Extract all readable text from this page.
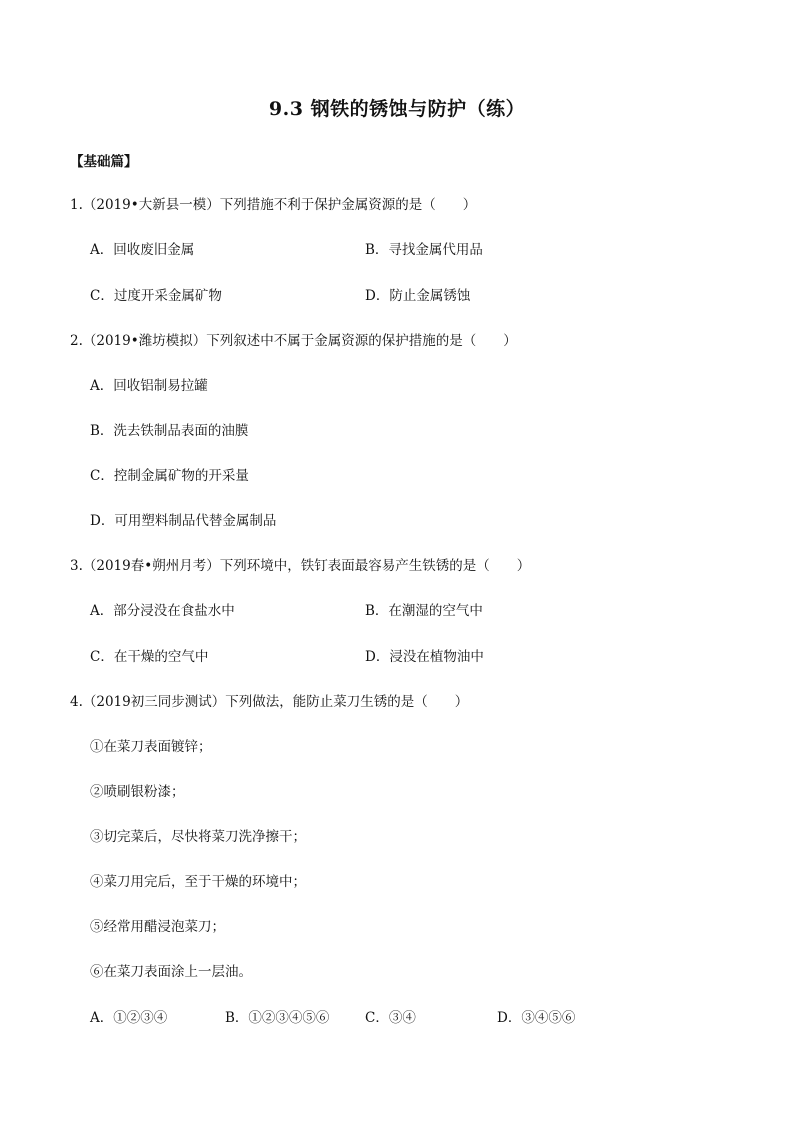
9.3 钢铁的锈蚀与防护（练）
【基础篇】
1.（2019•大新县一模）下列措施不利于保护金属资源的是（　　）
A．回收废旧金属	B．寻找金属代用品
C．过度开采金属矿物	D．防止金属锈蚀
2.（2019•潍坊模拟）下列叙述中不属于金属资源的保护措施的是（　　）
A．回收铝制易拉罐
B．洗去铁制品表面的油膜
C．控制金属矿物的开采量
D．可用塑料制品代替金属制品
3.（2019春•朔州月考）下列环境中，铁钉表面最容易产生铁锈的是（　　）
A．部分浸没在食盐水中	B．在潮湿的空气中
C．在干燥的空气中	D．浸没在植物油中
4.（2019初三同步测试）下列做法，能防止菜刀生锈的是（　　）
①在菜刀表面镀锌；
②喷刷银粉漆；
③切完菜后，尽快将菜刀洗净擦干；
④菜刀用完后，至于干燥的环境中；
⑤经常用醋浸泡菜刀；
⑥在菜刀表面涂上一层油。
A．①②③④	B．①②③④⑤⑥	C．③④	D．③④⑤⑥
